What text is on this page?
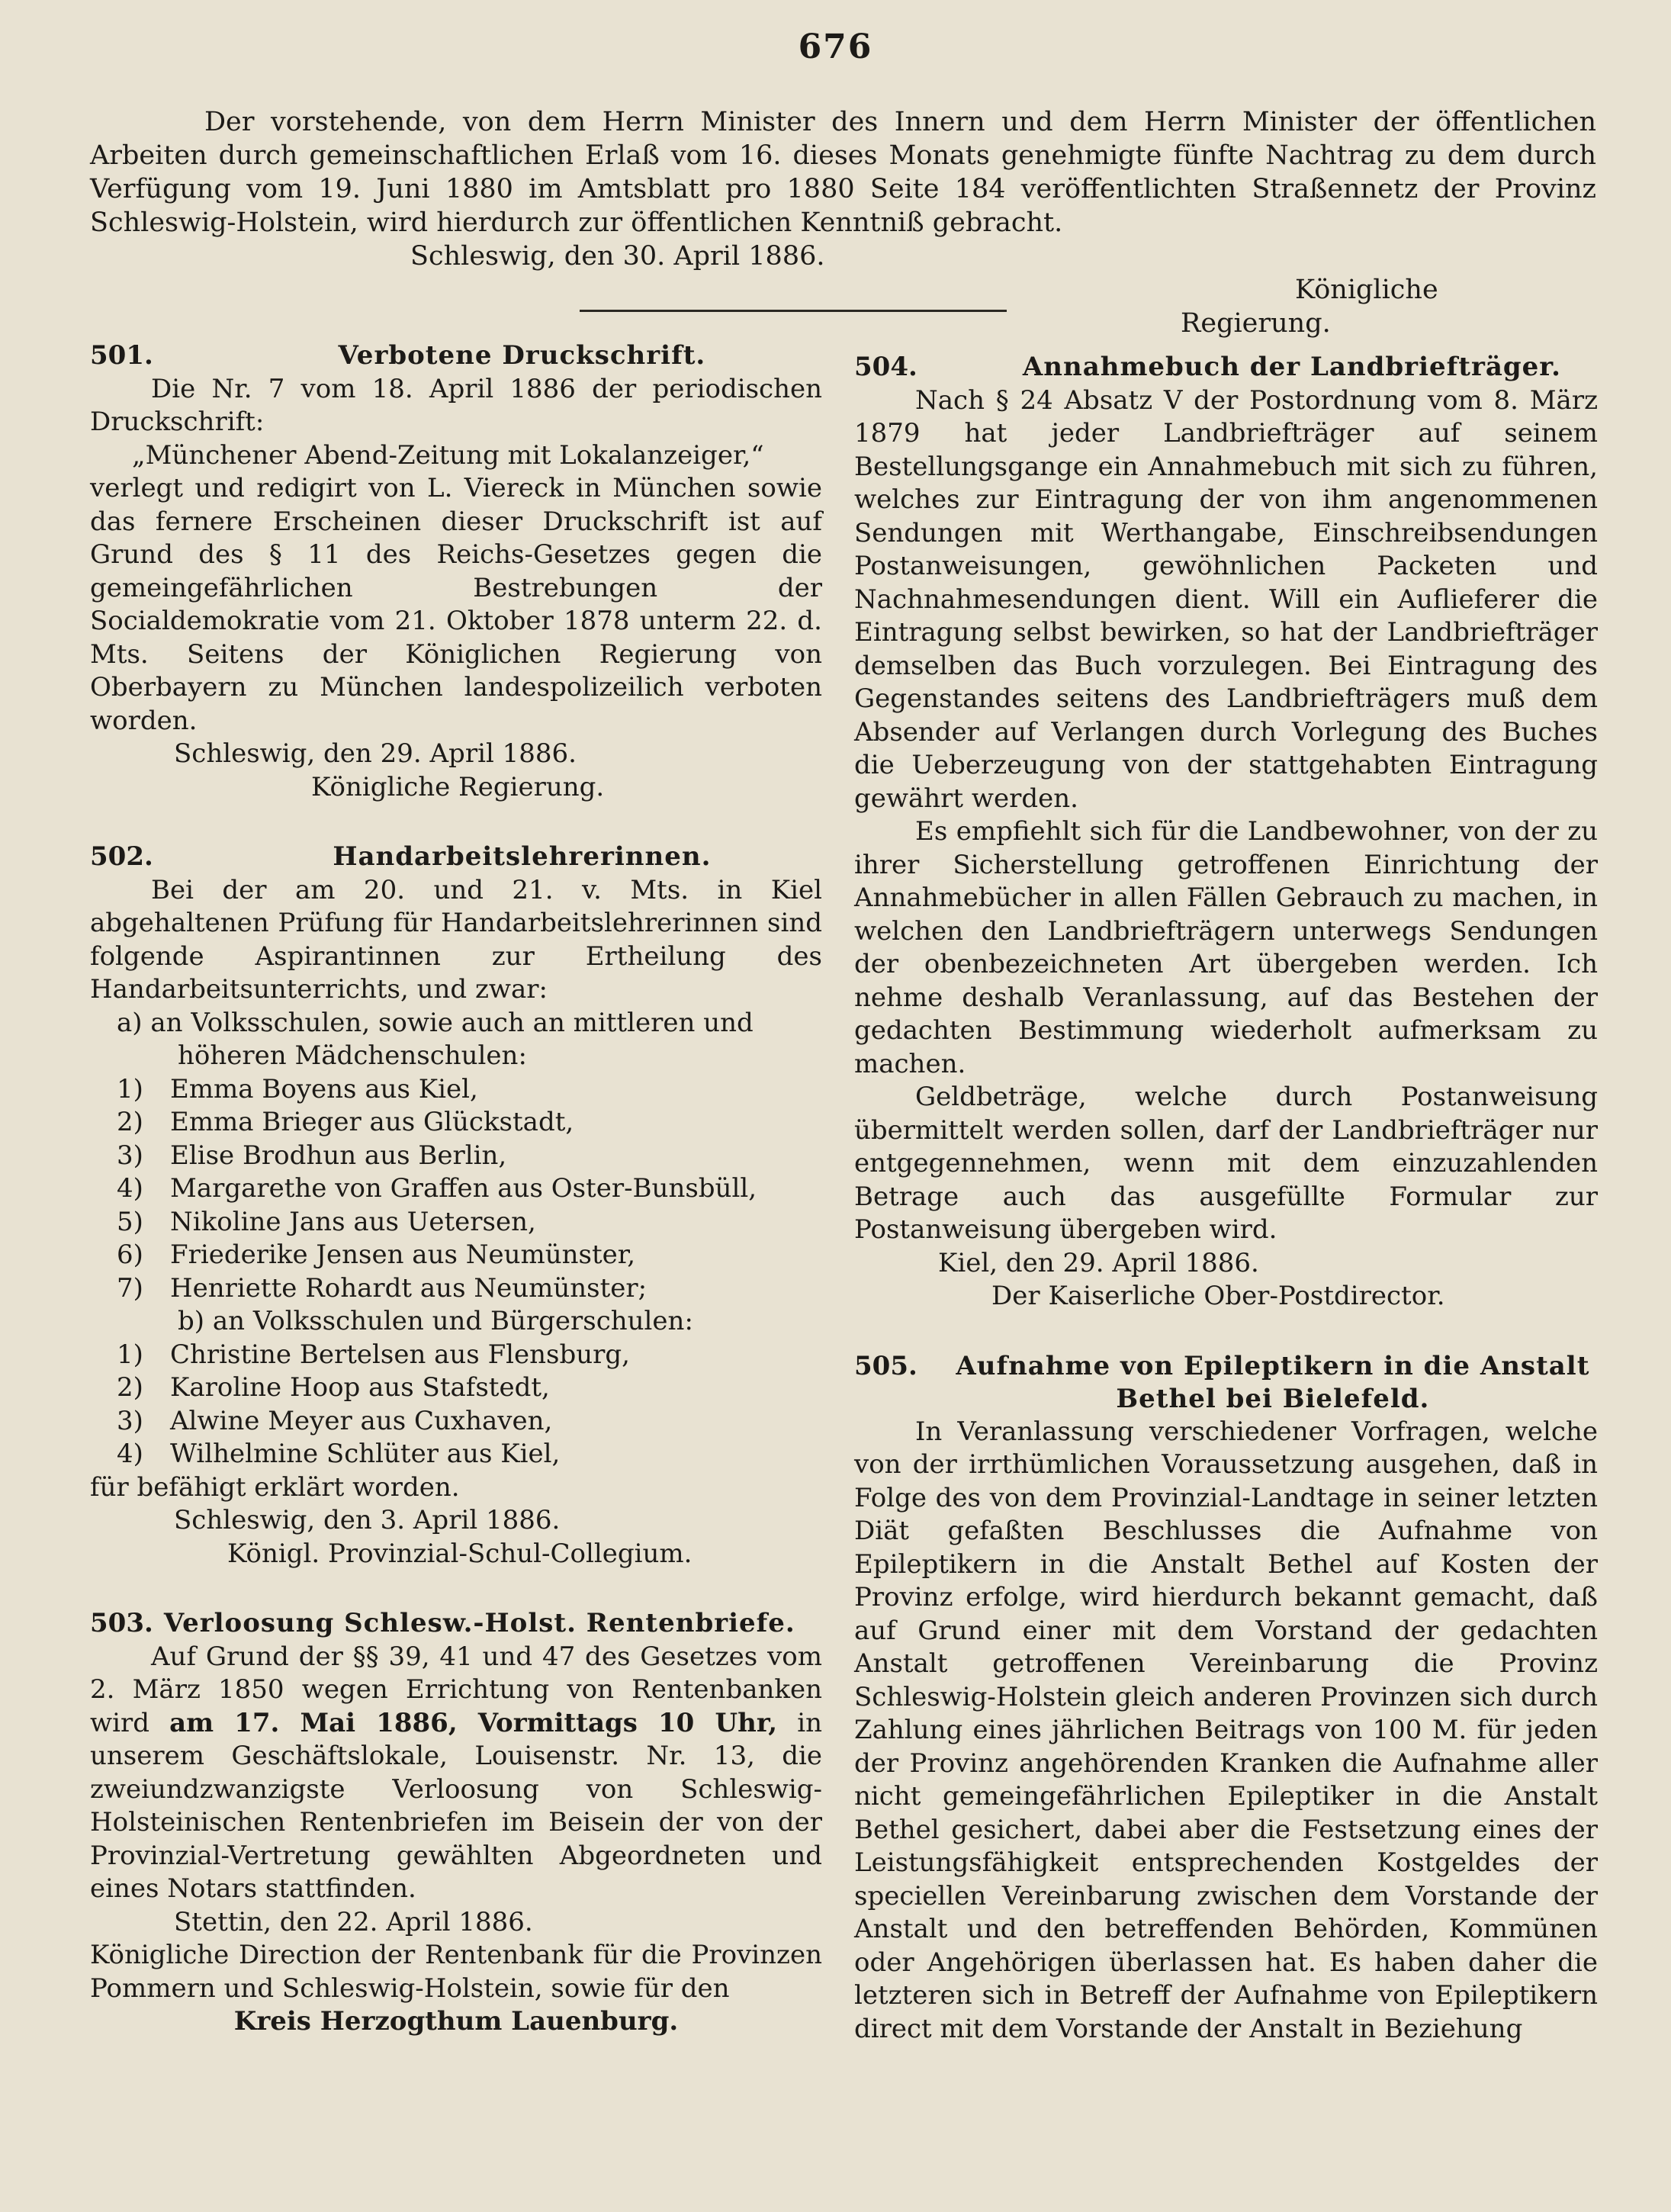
676

Der vorstehende, von dem Herrn Minister des Innern und dem Herrn Minister der öffentlichen Arbeiten durch gemeinschaftlichen Erlaß vom 16. dieses Monats genehmigte fünfte Nachtrag zu dem durch Verfügung vom 19. Juni 1880 im Amtsblatt pro 1880 Seite 184 veröffentlichten Straßennetz der Provinz Schleswig-Holstein, wird hierdurch zur öffentlichen Kenntniß gebracht.

Schleswig, den 30. April 1886.

Königliche Regierung.

501.	Verbotene Druckschrift.

Die Nr. 7 vom 18. April 1886 der periodischen Druckschrift:

„Münchener Abend-Zeitung mit Lokalanzeiger,“

verlegt und redigirt von L. Viereck in München sowie das fernere Erscheinen dieser Druckschrift ist auf Grund des § 11 des Reichs-Gesetzes gegen die gemeingefährlichen Bestrebungen der Socialdemokratie vom 21. Oktober 1878 unterm 22. d. Mts. Seitens der Königlichen Regierung von Oberbayern zu München landespolizeilich verboten worden.

Schleswig, den 29. April 1886.

Königliche Regierung.

502.	Handarbeitslehrerinnen.

Bei der am 20. und 21. v. Mts. in Kiel abgehaltenen Prüfung für Handarbeitslehrerinnen sind folgende Aspirantinnen zur Ertheilung des Handarbeitsunterrichts, und zwar:

a) an Volksschulen, sowie auch an mittleren und

höheren Mädchenschulen:

1)	Emma Boyens aus Kiel,
2)	Emma Brieger aus Glückstadt,
3)	Elise Brodhun aus Berlin,
4)	Margarethe von Graffen aus Oster-Bunsbüll,
5)	Nikoline Jans aus Uetersen,
6)	Friederike Jensen aus Neumünster,
7)	Henriette Rohardt aus Neumünster;

b) an Volksschulen und Bürgerschulen:

1)	Christine Bertelsen aus Flensburg,
2)	Karoline Hoop aus Stafstedt,
3)	Alwine Meyer aus Cuxhaven,
4)	Wilhelmine Schlüter aus Kiel,

für befähigt erklärt worden.

Schleswig, den 3. April 1886.

Königl. Provinzial-Schul-Collegium.

503. Verloosung Schlesw.-Holst. Rentenbriefe.

Auf Grund der §§ 39, 41 und 47 des Gesetzes vom 2. März 1850 wegen Errichtung von Rentenbanken wird am 17. Mai 1886, Vormittags 10 Uhr, in unserem Geschäftslokale, Louisenstr. Nr. 13, die zweiundzwanzigste Verloosung von Schleswig-Holsteinischen Rentenbriefen im Beisein der von der Provinzial-Vertretung gewählten Abgeordneten und eines Notars stattfinden.

Stettin, den 22. April 1886.

Königliche Direction der Rentenbank für die Provinzen Pommern und Schleswig-Holstein, sowie für den

Kreis Herzogthum Lauenburg.

504.	Annahmebuch der Landbriefträger.

Nach § 24 Absatz V der Postordnung vom 8. März 1879 hat jeder Landbriefträger auf seinem Bestellungsgange ein Annahmebuch mit sich zu führen, welches zur Eintragung der von ihm angenommenen Sendungen mit Werthangabe, Einschreibsendungen Postanweisungen, gewöhnlichen Packeten und Nachnahmesendungen dient. Will ein Auflieferer die Eintragung selbst bewirken, so hat der Landbriefträger demselben das Buch vorzulegen. Bei Eintragung des Gegenstandes seitens des Landbriefträgers muß dem Absender auf Verlangen durch Vorlegung des Buches die Ueberzeugung von der stattgehabten Eintragung gewährt werden.

Es empfiehlt sich für die Landbewohner, von der zu ihrer Sicherstellung getroffenen Einrichtung der Annahmebücher in allen Fällen Gebrauch zu machen, in welchen den Landbriefträgern unterwegs Sendungen der obenbezeichneten Art übergeben werden. Ich nehme deshalb Veranlassung, auf das Bestehen der gedachten Bestimmung wiederholt aufmerksam zu machen.

Geldbeträge, welche durch Postanweisung übermittelt werden sollen, darf der Landbriefträger nur entgegennehmen, wenn mit dem einzuzahlenden Betrage auch das ausgefüllte Formular zur Postanweisung übergeben wird.

Kiel, den 29. April 1886.

Der Kaiserliche Ober-Postdirector.

505.	Aufnahme von Epileptikern in die Anstalt
Bethel bei Bielefeld.

In Veranlassung verschiedener Vorfragen, welche von der irrthümlichen Voraussetzung ausgehen, daß in Folge des von dem Provinzial-Landtage in seiner letzten Diät gefaßten Beschlusses die Aufnahme von Epileptikern in die Anstalt Bethel auf Kosten der Provinz erfolge, wird hierdurch bekannt gemacht, daß auf Grund einer mit dem Vorstand der gedachten Anstalt getroffenen Vereinbarung die Provinz Schleswig-Holstein gleich anderen Provinzen sich durch Zahlung eines jährlichen Beitrags von 100 M. für jeden der Provinz angehörenden Kranken die Aufnahme aller nicht gemeingefährlichen Epileptiker in die Anstalt Bethel gesichert, dabei aber die Festsetzung eines der Leistungsfähigkeit entsprechenden Kostgeldes der speciellen Vereinbarung zwischen dem Vorstande der Anstalt und den betreffenden Behörden, Kommünen oder Angehörigen überlassen hat. Es haben daher die letzteren sich in Betreff der Aufnahme von Epileptikern direct mit dem Vorstande der Anstalt in Beziehung
